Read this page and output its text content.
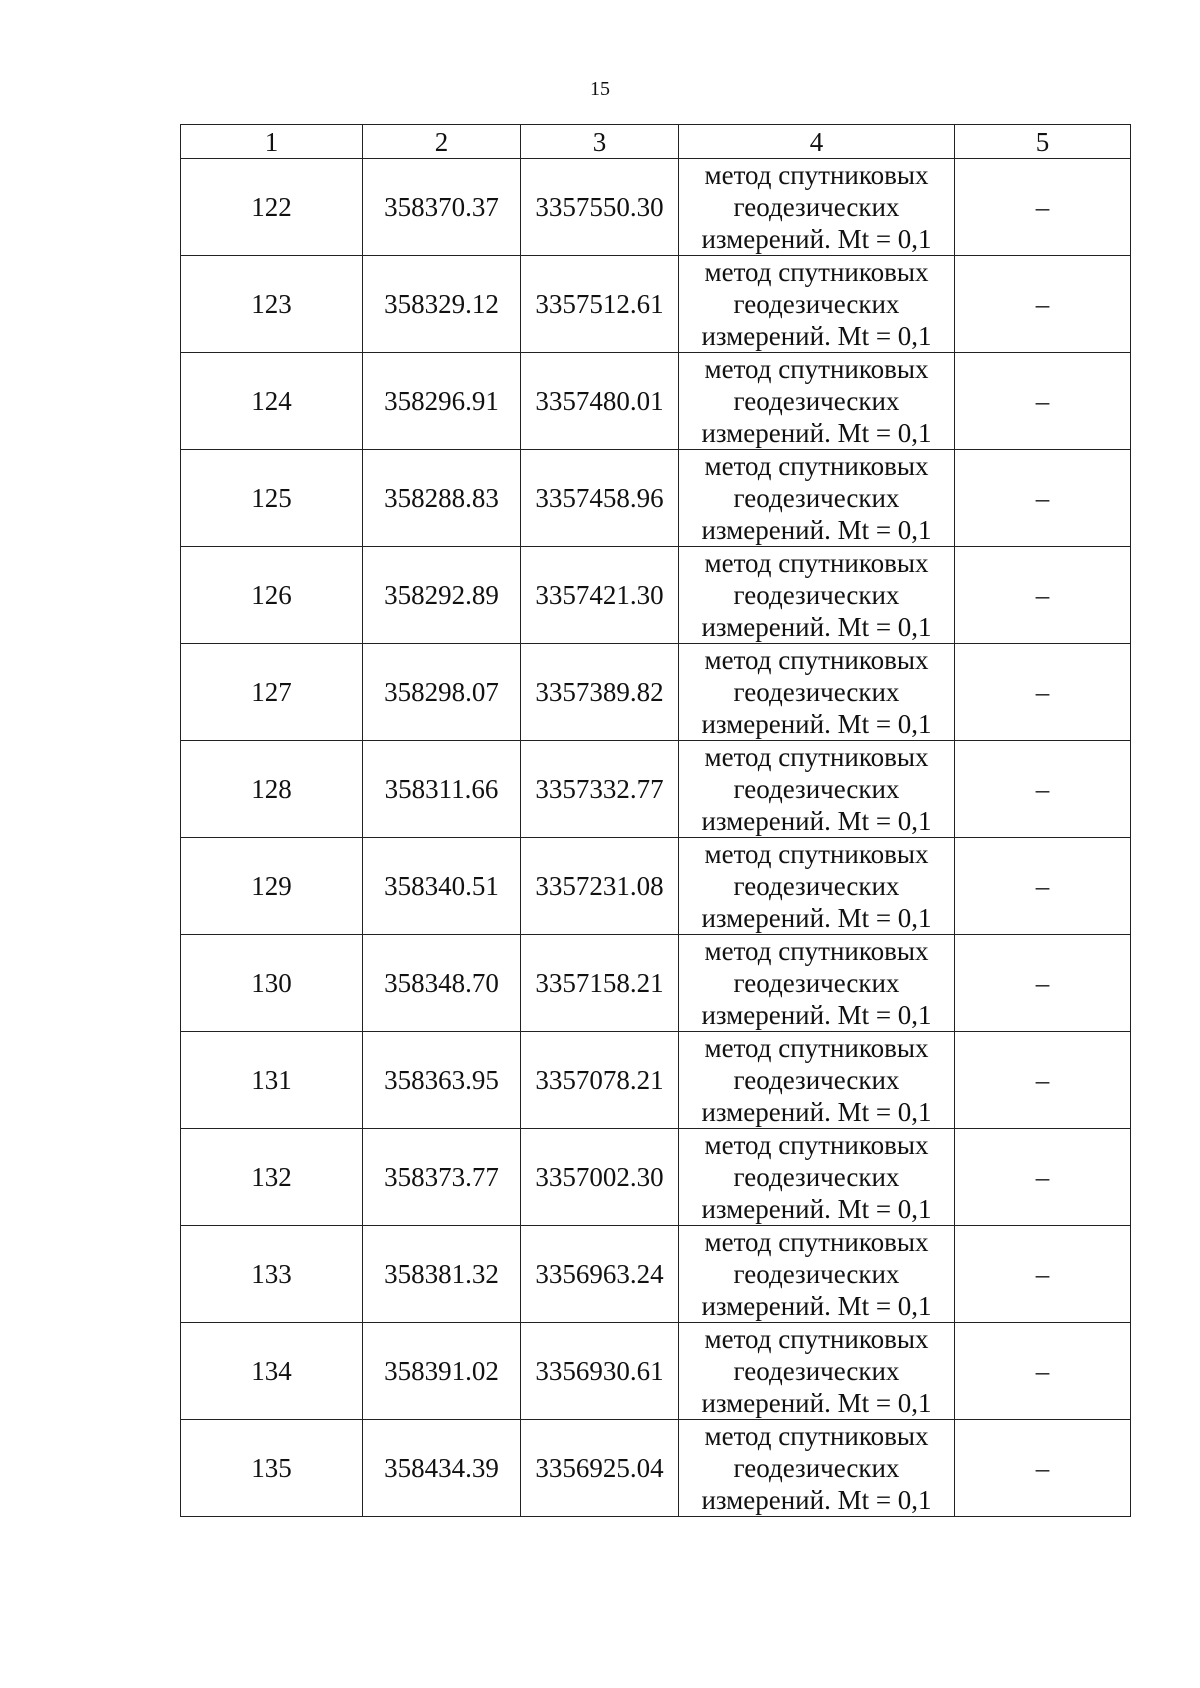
15
1	2	3	4	5
122	358370.37	3357550.30	метод спутниковых
геодезических
измерений. Mt = 0,1	–
123	358329.12	3357512.61	метод спутниковых
геодезических
измерений. Mt = 0,1	–
124	358296.91	3357480.01	метод спутниковых
геодезических
измерений. Mt = 0,1	–
125	358288.83	3357458.96	метод спутниковых
геодезических
измерений. Mt = 0,1	–
126	358292.89	3357421.30	метод спутниковых
геодезических
измерений. Mt = 0,1	–
127	358298.07	3357389.82	метод спутниковых
геодезических
измерений. Mt = 0,1	–
128	358311.66	3357332.77	метод спутниковых
геодезических
измерений. Mt = 0,1	–
129	358340.51	3357231.08	метод спутниковых
геодезических
измерений. Mt = 0,1	–
130	358348.70	3357158.21	метод спутниковых
геодезических
измерений. Mt = 0,1	–
131	358363.95	3357078.21	метод спутниковых
геодезических
измерений. Mt = 0,1	–
132	358373.77	3357002.30	метод спутниковых
геодезических
измерений. Mt = 0,1	–
133	358381.32	3356963.24	метод спутниковых
геодезических
измерений. Mt = 0,1	–
134	358391.02	3356930.61	метод спутниковых
геодезических
измерений. Mt = 0,1	–
135	358434.39	3356925.04	метод спутниковых
геодезических
измерений. Mt = 0,1	–
